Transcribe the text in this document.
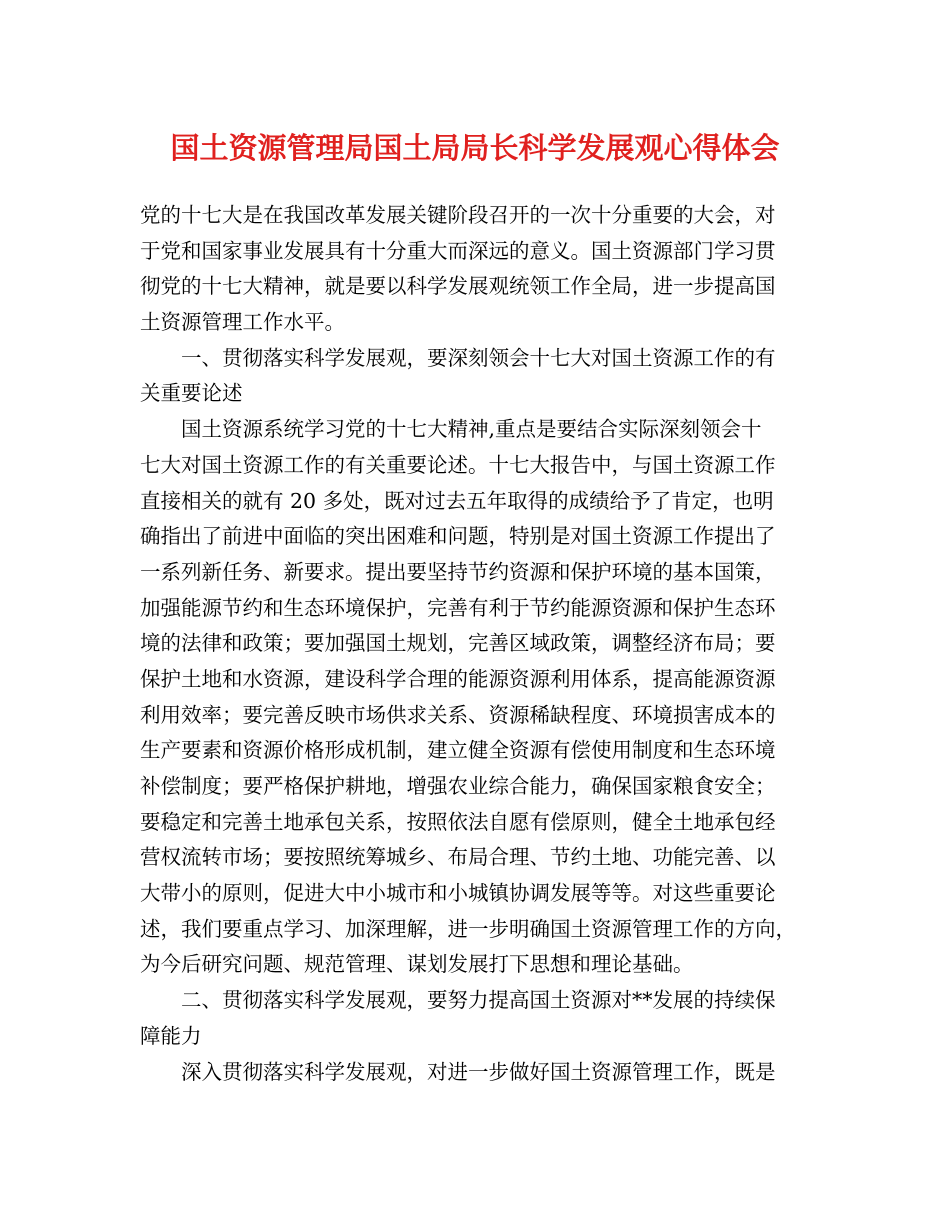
国土资源管理局国土局局长科学发展观心得体会
党的十七大是在我国改革发展关键阶段召开的一次十分重要的大会，对
于党和国家事业发展具有十分重大而深远的意义。国土资源部门学习贯
彻党的十七大精神，就是要以科学发展观统领工作全局，进一步提高国
土资源管理工作水平。
一、贯彻落实科学发展观，要深刻领会十七大对国土资源工作的有
关重要论述
国土资源系统学习党的十七大精神,重点是要结合实际深刻领会十
七大对国土资源工作的有关重要论述。十七大报告中，与国土资源工作
直接相关的就有 20 多处，既对过去五年取得的成绩给予了肯定，也明
确指出了前进中面临的突出困难和问题，特别是对国土资源工作提出了
一系列新任务、新要求。提出要坚持节约资源和保护环境的基本国策，
加强能源节约和生态环境保护，完善有利于节约能源资源和保护生态环
境的法律和政策；要加强国土规划，完善区域政策，调整经济布局；要
保护土地和水资源，建设科学合理的能源资源利用体系，提高能源资源
利用效率；要完善反映市场供求关系、资源稀缺程度、环境损害成本的
生产要素和资源价格形成机制，建立健全资源有偿使用制度和生态环境
补偿制度；要严格保护耕地，增强农业综合能力，确保国家粮食安全；
要稳定和完善土地承包关系，按照依法自愿有偿原则，健全土地承包经
营权流转市场；要按照统筹城乡、布局合理、节约土地、功能完善、以
大带小的原则，促进大中小城市和小城镇协调发展等等。对这些重要论
述，我们要重点学习、加深理解，进一步明确国土资源管理工作的方向，
为今后研究问题、规范管理、谋划发展打下思想和理论基础。
二、贯彻落实科学发展观，要努力提高国土资源对**发展的持续保
障能力
深入贯彻落实科学发展观，对进一步做好国土资源管理工作，既是
